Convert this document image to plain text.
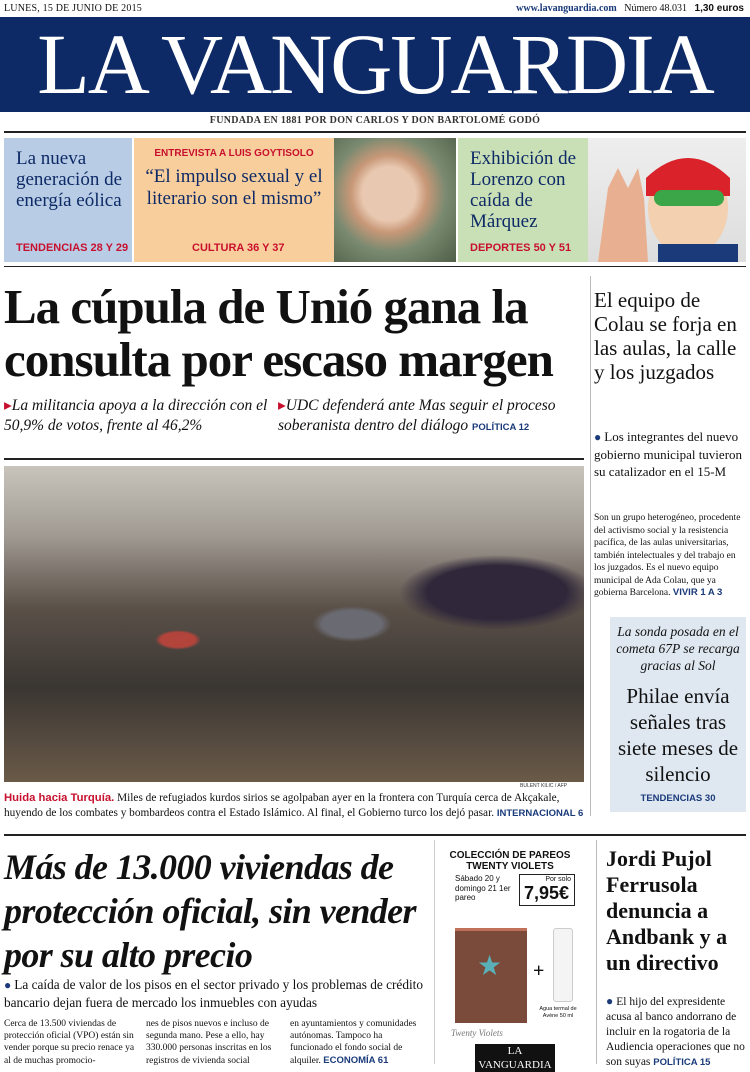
LUNES, 15 DE JUNIO DE 2015	www.lavanguardia.com Número 48.031 1,30 euros
LA VANGUARDIA
FUNDADA EN 1881 POR DON CARLOS Y DON BARTOLOMÉ GODÓ
La nueva generación de energía eólica
TENDENCIAS 28 Y 29
ENTREVISTA A LUIS GOYTISOLO
“El impulso sexual y el literario son el mismo”
CULTURA 36 Y 37
Exhibición de Lorenzo con caída de Márquez
DEPORTES 50 Y 51
La cúpula de Unió gana la consulta por escaso margen
▸La militancia apoya a la dirección con el 50,9% de votos, frente al 46,2%
▸UDC defenderá ante Mas seguir el proceso soberanista dentro del diálogo POLÍTICA 12
BULENT KILIC / AFP
Huida hacia Turquía. Miles de refugiados kurdos sirios se agolpaban ayer en la frontera con Turquía cerca de Akçakale, huyendo de los combates y bombardeos contra el Estado Islámico. Al final, el Gobierno turco los dejó pasar. INTERNACIONAL 6
El equipo de Colau se forja en las aulas, la calle y los juzgados
● Los integrantes del nuevo gobierno municipal tuvieron su catalizador en el 15-M
Son un grupo heterogéneo, procedente del activismo social y la resistencia pacífica, de las aulas universitarias, también intelectuales y del trabajo en los juzgados. Es el nuevo equipo municipal de Ada Colau, que ya gobierna Barcelona. VIVIR 1 A 3
La sonda posada en el cometa 67P se recarga gracias al Sol
Philae envía señales tras siete meses de silencio
TENDENCIAS 30
Más de 13.000 viviendas de protección oficial, sin vender por su alto precio
● La caída de valor de los pisos en el sector privado y los problemas de crédito bancario dejan fuera de mercado los inmuebles con ayudas
Cerca de 13.500 viviendas de protección oficial (VPO) están sin vender porque su precio renace ya al de muchas promocio-
nes de pisos nuevos e incluso de segunda mano. Pese a ello, hay 330.000 personas inscritas en los registros de vivienda social
en ayuntamientos y comunidades autónomas. Tampoco ha funcionado el fondo social de alquiler. ECONOMÍA 61
COLECCIÓN DE PAREOS TWENTY VIOLETS
Sábado 20 y domingo 21 1er pareo
Por solo
7,95€
★ +
Agua termal de Avène 50 ml
Twenty Violets
LA VANGUARDIA
Jordi Pujol Ferrusola denuncia a Andbank y a un directivo
● El hijo del expresidente acusa al banco andorrano de incluir en la rogatoria de la Audiencia operaciones que no son suyas POLÍTICA 15
